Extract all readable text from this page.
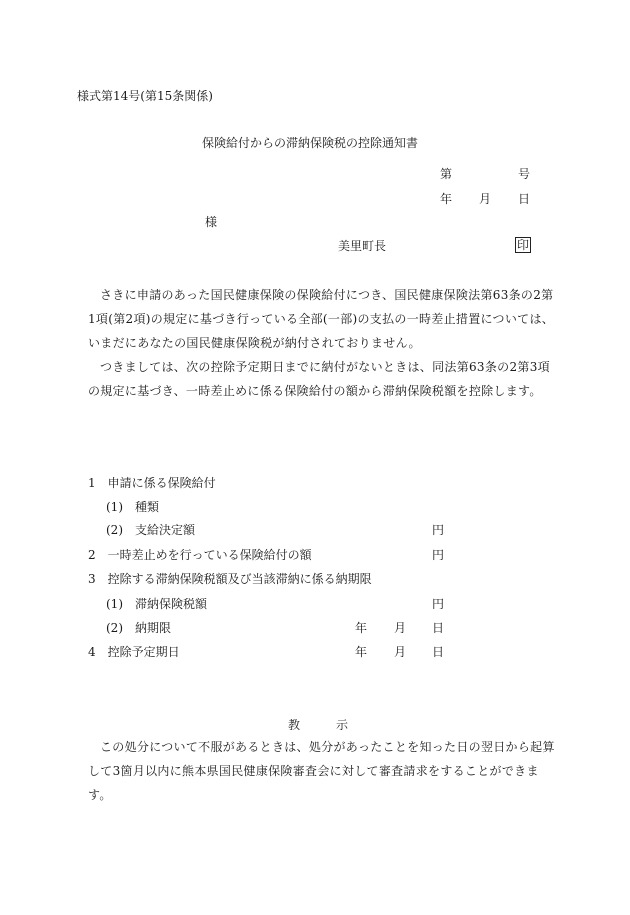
様式第14号(第15条関係)
保険給付からの滞納保険税の控除通知書
第	号
年 月 日
様
美里町長	印

さきに申請のあった国民健康保険の保険給付につき、国民健康保険法第63条の2第1項(第2項)の規定に基づき行っている全部(一部)の支払の一時差止措置については、いまだにあなたの国民健康保険税が納付されておりません。

つきましては、次の控除予定期日までに納付がないときは、同法第63条の2第3項の規定に基づき、一時差止めに係る保険給付の額から滞納保険税額を控除します。

1　申請に係る保険給付
(1)　種類
(2)　支給決定額	円
2　一時差止めを行っている保険給付の額	円
3　控除する滞納保険税額及び当該滞納に係る納期限
(1)　滞納保険税額	円
(2)　納期限	年 月 日
4　控除予定期日	年 月 日
教	示

この処分について不服があるときは、処分があったことを知った日の翌日から起算して3箇月以内に熊本県国民健康保険審査会に対して審査請求をすることができます。
